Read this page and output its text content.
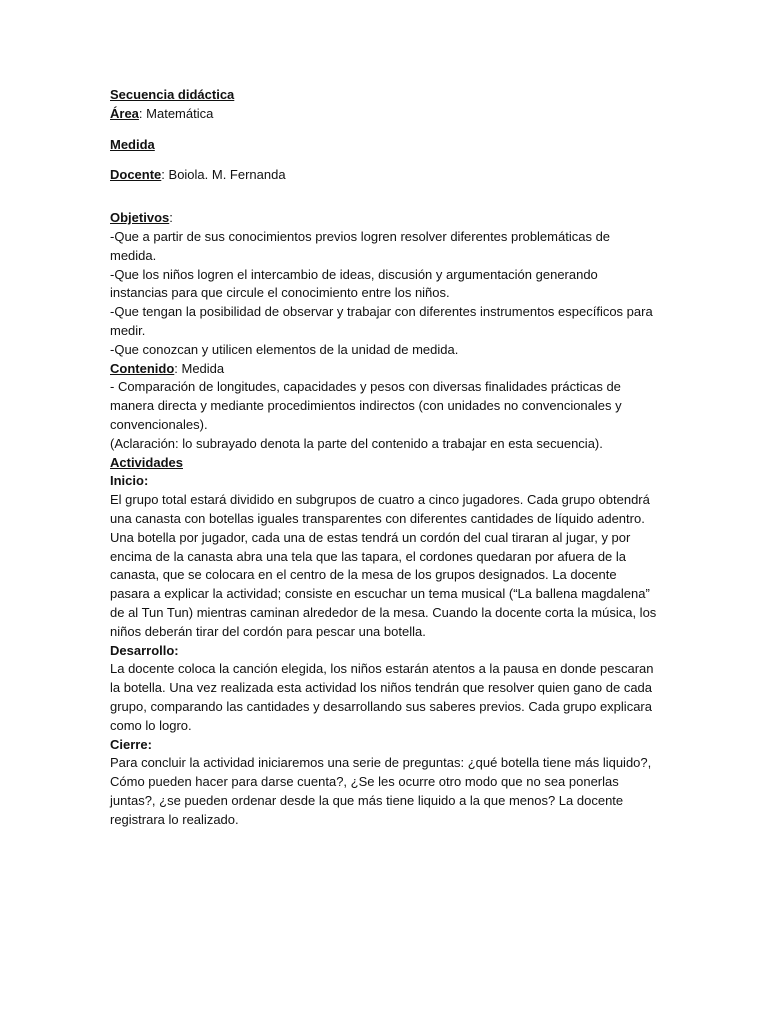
Secuencia didáctica
Área: Matemática
Medida
Docente: Boiola. M. Fernanda
Objetivos:

-Que a partir de sus conocimientos previos logren resolver diferentes problemáticas de medida.

-Que los niños logren el intercambio de ideas, discusión y argumentación generando instancias para que circule el conocimiento entre los niños.

-Que tengan la posibilidad de observar y trabajar con diferentes instrumentos específicos para medir.

-Que conozcan y utilicen elementos de la unidad de medida.

Contenido: Medida

- Comparación de longitudes, capacidades y pesos con diversas finalidades prácticas de manera directa y mediante procedimientos indirectos (con unidades no convencionales y convencionales).

(Aclaración: lo subrayado denota la parte del contenido a trabajar en esta secuencia).

Actividades
Inicio:

El grupo total estará dividido en subgrupos de cuatro a cinco jugadores. Cada grupo obtendrá una canasta con botellas iguales transparentes con diferentes cantidades de líquido adentro. Una botella por jugador, cada una de estas tendrá un cordón del cual tiraran al jugar, y por encima de la canasta abra una tela que las tapara, el cordones quedaran por afuera de la canasta, que se colocara en el centro de la mesa de los grupos designados. La docente pasara a explicar la actividad; consiste en escuchar un tema musical (“La ballena magdalena” de al Tun Tun) mientras caminan alrededor de la mesa. Cuando la docente corta la música, los niños deberán tirar del cordón para pescar una botella.

Desarrollo:

La docente coloca la canción elegida, los niños estarán atentos a la pausa en donde pescaran la botella. Una vez realizada esta actividad los niños tendrán que resolver quien gano de cada grupo, comparando las cantidades y desarrollando sus saberes previos. Cada grupo explicara como lo logro.

Cierre:

Para concluir la actividad iniciaremos una serie de preguntas: ¿qué botella tiene más liquido?, Cómo pueden hacer para darse cuenta?, ¿Se les ocurre otro modo que no sea ponerlas juntas?, ¿se pueden ordenar desde la que más tiene liquido a la que menos? La docente registrara lo realizado.
